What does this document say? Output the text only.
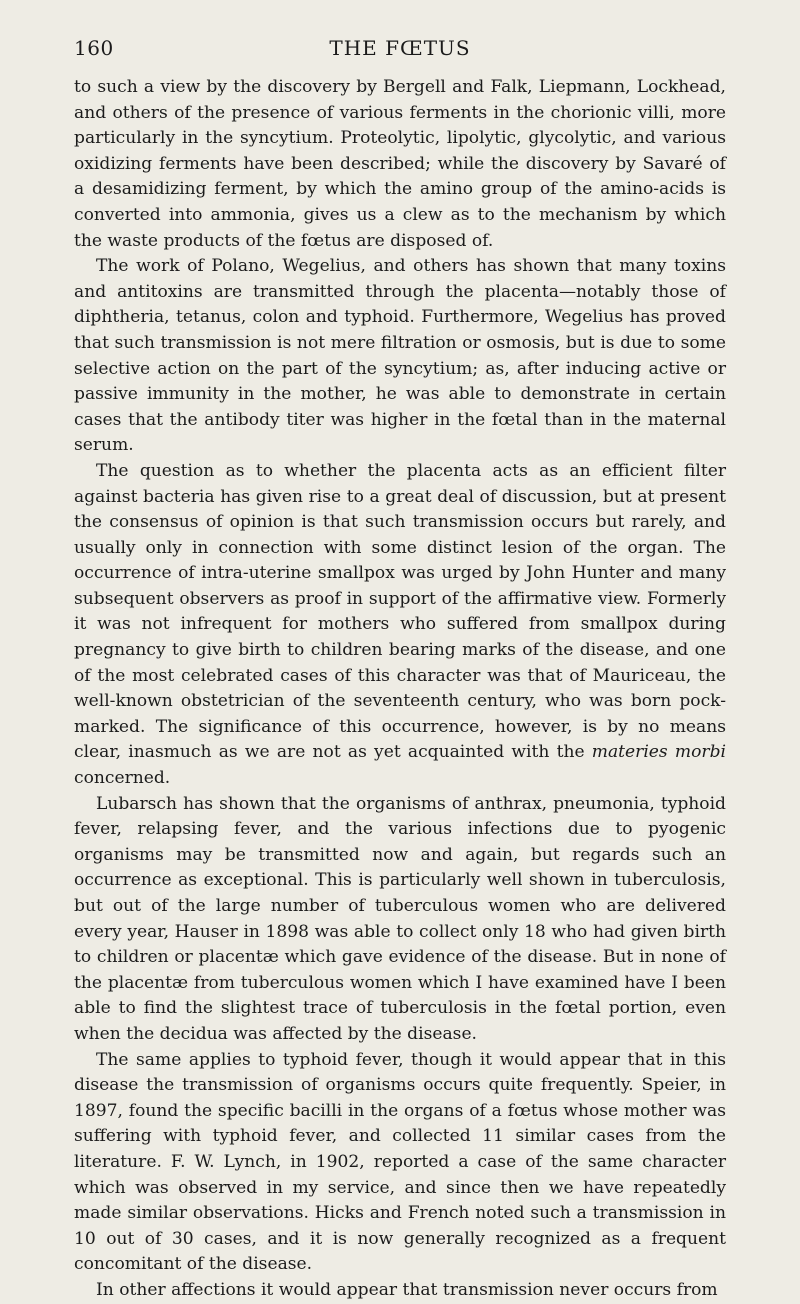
160	THE FŒTUS

to such a view by the discovery by Bergell and Falk, Liepmann, Lockhead, and others of the presence of various ferments in the chorionic villi, more particularly in the syncytium. Proteolytic, lipolytic, glycolytic, and various oxidizing ferments have been described; while the discovery by Savaré of a desamidizing ferment, by which the amino group of the amino-acids is converted into ammonia, gives us a clew as to the mechanism by which the waste products of the fœtus are disposed of.

The work of Polano, Wegelius, and others has shown that many toxins and antitoxins are transmitted through the placenta—notably those of diphtheria, tetanus, colon and typhoid. Furthermore, Wegelius has proved that such transmission is not mere filtration or osmosis, but is due to some selective action on the part of the syncytium; as, after inducing active or passive immunity in the mother, he was able to demonstrate in certain cases that the antibody titer was higher in the fœtal than in the maternal serum.

The question as to whether the placenta acts as an efficient filter against bacteria has given rise to a great deal of discussion, but at present the consensus of opinion is that such transmission occurs but rarely, and usually only in connection with some distinct lesion of the organ. The occurrence of intra-uterine smallpox was urged by John Hunter and many subsequent observers as proof in support of the affirmative view. Formerly it was not infrequent for mothers who suffered from smallpox during pregnancy to give birth to children bearing marks of the disease, and one of the most celebrated cases of this character was that of Mauriceau, the well-known obstetrician of the seventeenth century, who was born pock-marked. The significance of this occurrence, however, is by no means clear, inasmuch as we are not as yet acquainted with the materies morbi concerned.

Lubarsch has shown that the organisms of anthrax, pneumonia, typhoid fever, relapsing fever, and the various infections due to pyogenic organisms may be transmitted now and again, but regards such an occurrence as exceptional. This is particularly well shown in tuberculosis, but out of the large number of tuberculous women who are delivered every year, Hauser in 1898 was able to collect only 18 who had given birth to children or placentæ which gave evidence of the disease. But in none of the placentæ from tuberculous women which I have examined have I been able to find the slightest trace of tuberculosis in the fœtal portion, even when the decidua was affected by the disease.

The same applies to typhoid fever, though it would appear that in this disease the transmission of organisms occurs quite frequently. Speier, in 1897, found the specific bacilli in the organs of a fœtus whose mother was suffering with typhoid fever, and collected 11 similar cases from the literature. F. W. Lynch, in 1902, reported a case of the same character which was observed in my service, and since then we have repeatedly made similar observations. Hicks and French noted such a transmission in 10 out of 30 cases, and it is now generally recognized as a frequent concomitant of the disease.

In other affections it would appear that transmission never occurs from
